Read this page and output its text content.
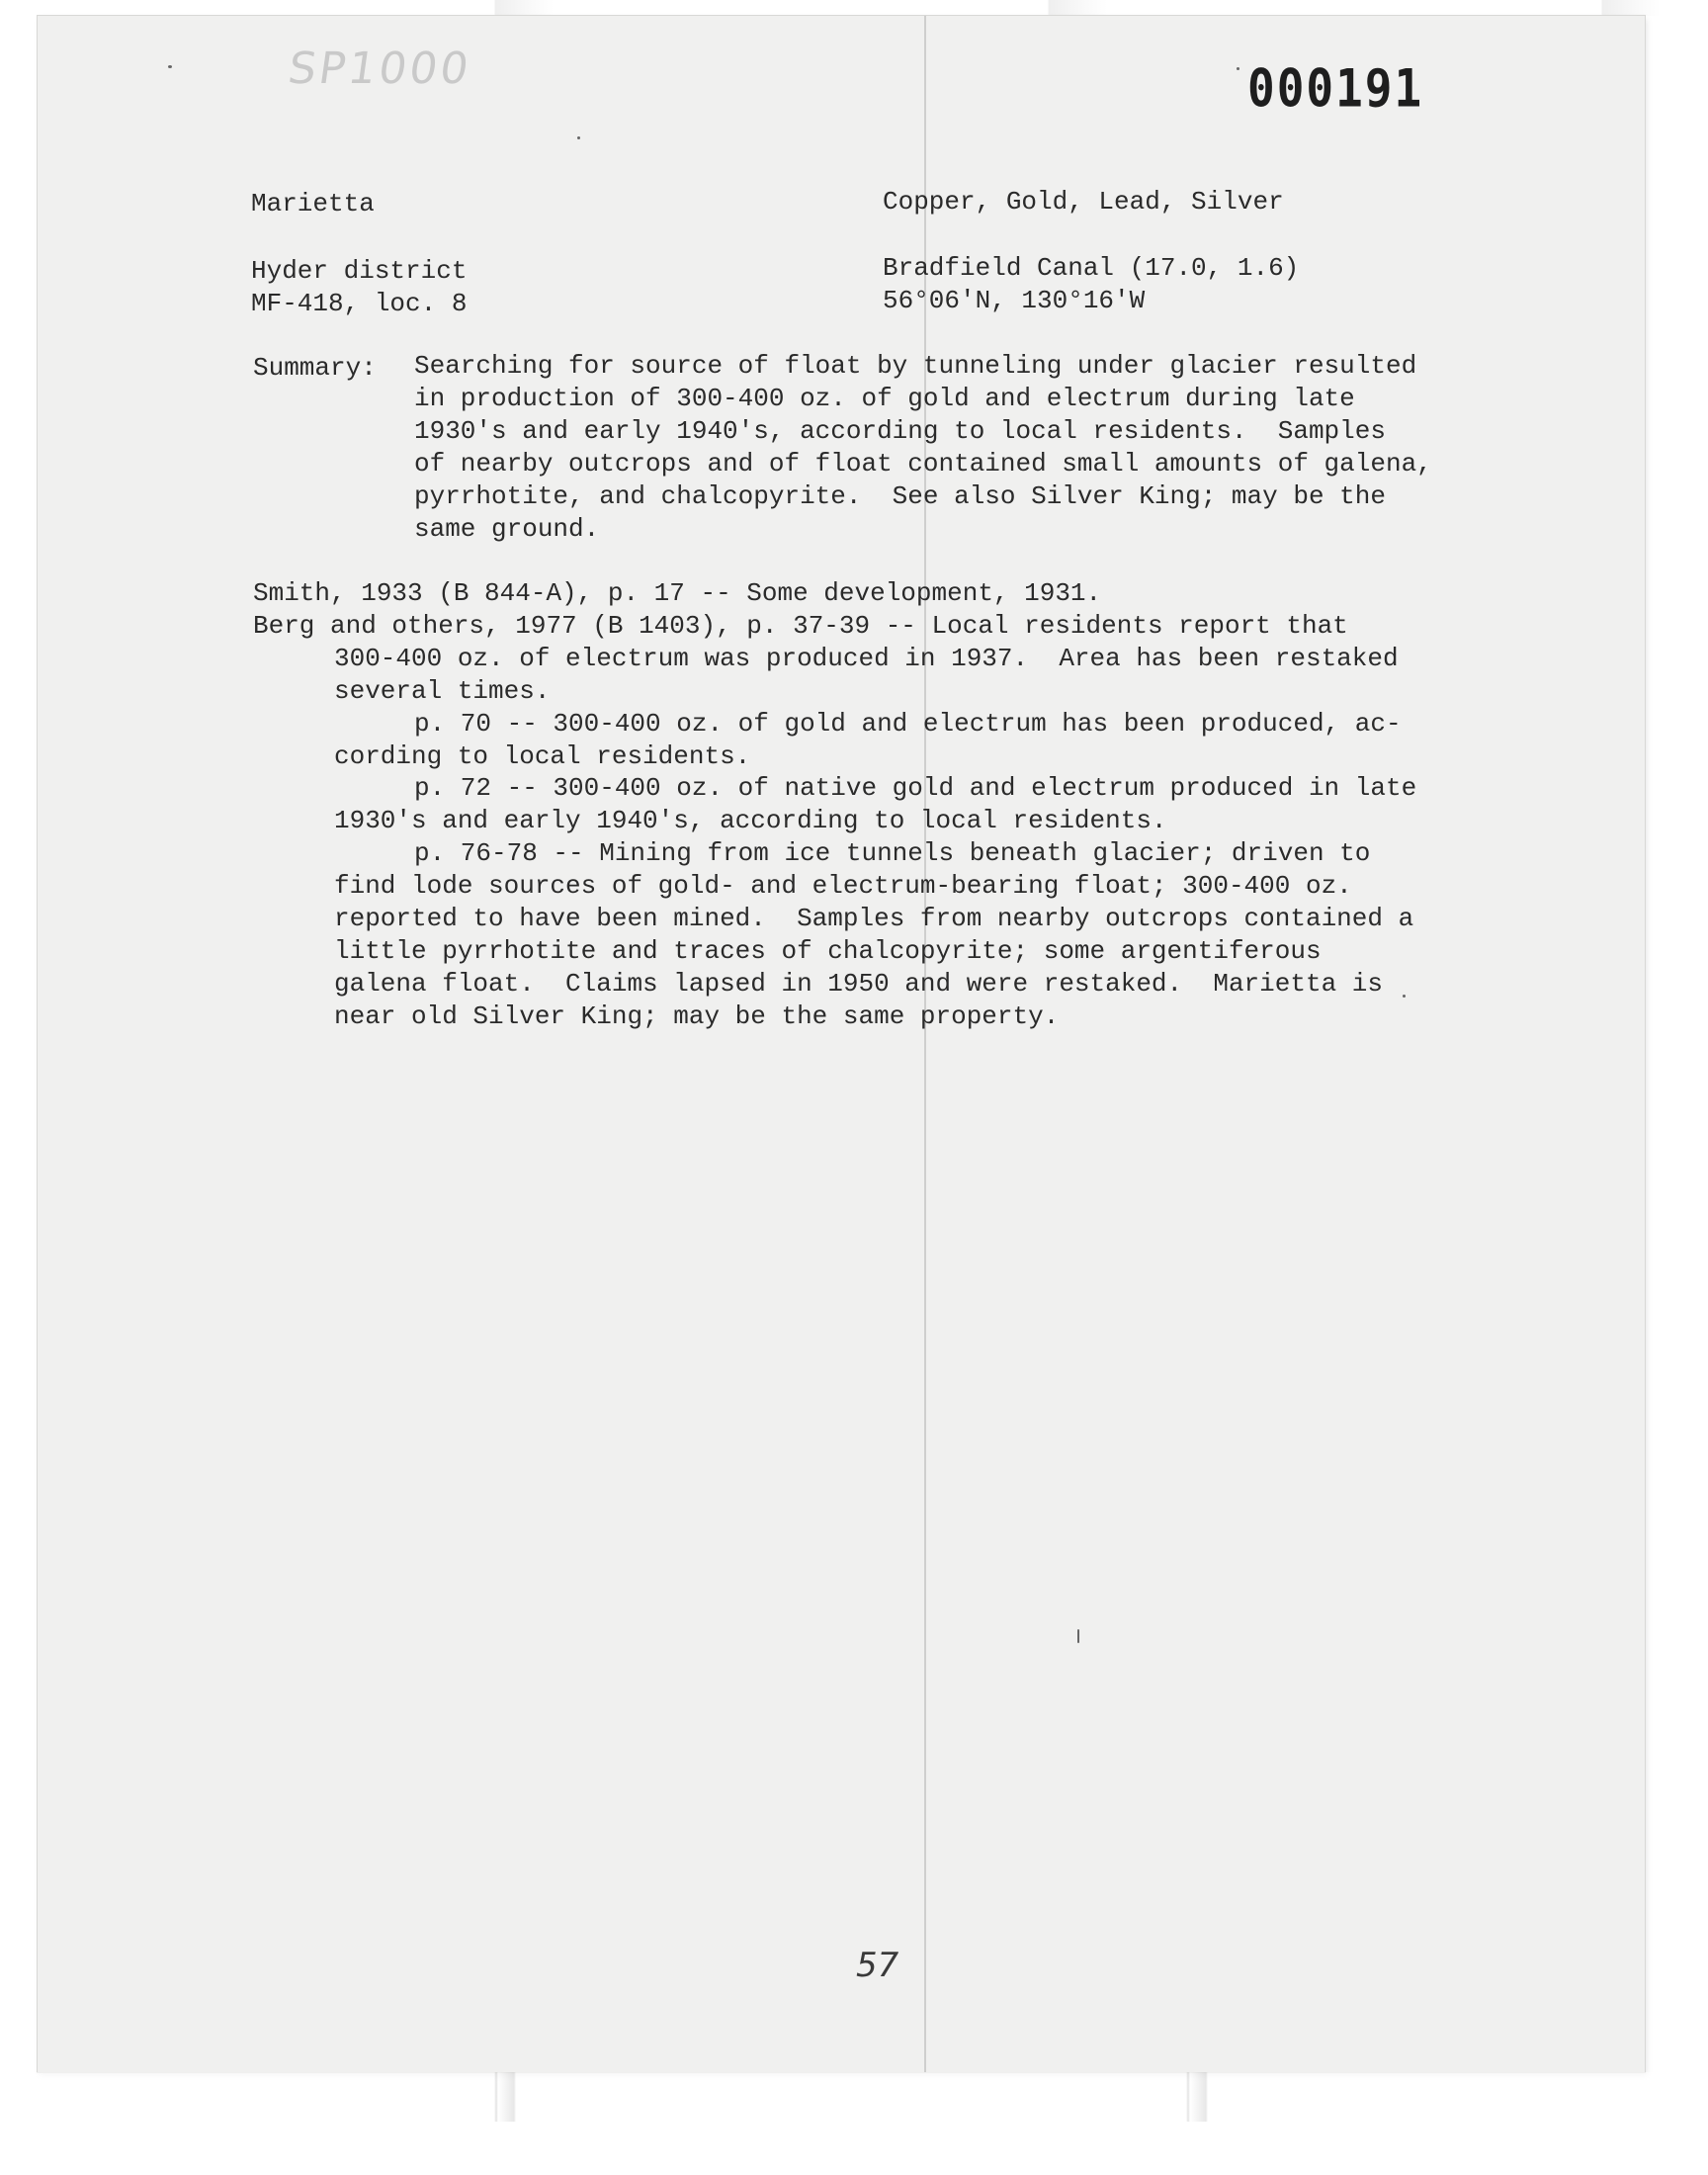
SP1000	000191
Marietta	Copper, Gold, Lead, Silver
Hyder district	Bradfield Canal (17.0, 1.6)
MF-418, loc. 8	56°06'N, 130°16'W
Summary: Searching for source of float by tunneling under glacier resulted
in production of 300-400 oz. of gold and electrum during late
1930's and early 1940's, according to local residents.  Samples
of nearby outcrops and of float contained small amounts of galena,
pyrrhotite, and chalcopyrite.  See also Silver King; may be the
same ground.
Smith, 1933 (B 844-A), p. 17 -- Some development, 1931.
Berg and others, 1977 (B 1403), p. 37-39 -- Local residents report that
300-400 oz. of electrum was produced in 1937.  Area has been restaked
several times.
p. 70 -- 300-400 oz. of gold and electrum has been produced, ac-
cording to local residents.
p. 72 -- 300-400 oz. of native gold and electrum produced in late
1930's and early 1940's, according to local residents.
p. 76-78 -- Mining from ice tunnels beneath glacier; driven to
find lode sources of gold- and electrum-bearing float; 300-400 oz.
reported to have been mined.  Samples from nearby outcrops contained a
little pyrrhotite and traces of chalcopyrite; some argentiferous
galena float.  Claims lapsed in 1950 and were restaked.  Marietta is
near old Silver King; may be the same property.
57
